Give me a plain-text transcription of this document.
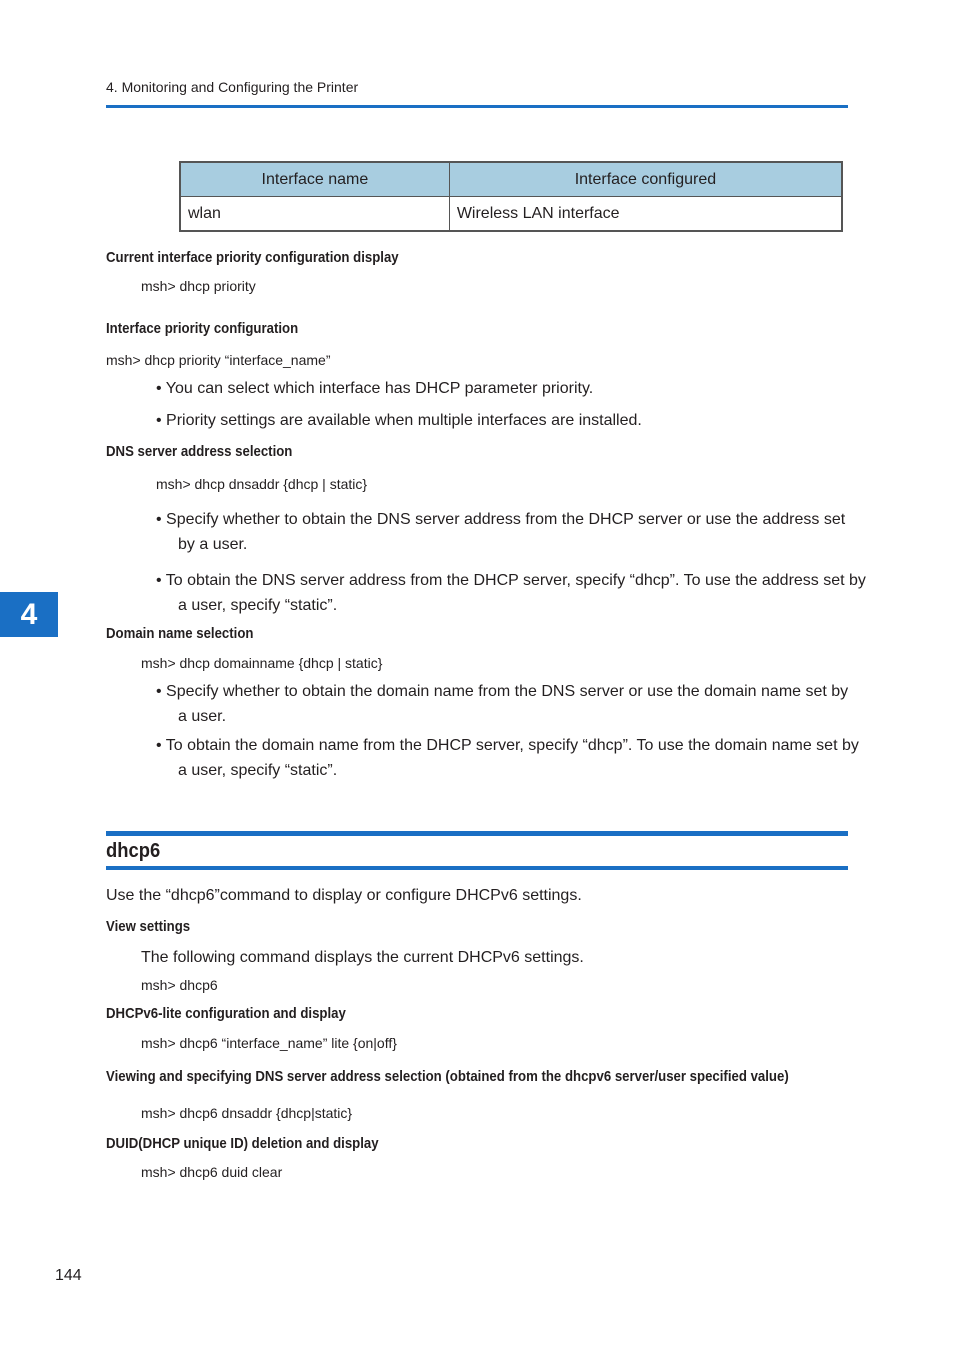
4. Monitoring and Configuring the Printer
Interface name	Interface configured
wlan	Wireless LAN interface
Current interface priority configuration display
msh> dhcp priority
Interface priority configuration
msh> dhcp priority “interface_name”
• You can select which interface has DHCP parameter priority.
• Priority settings are available when multiple interfaces are installed.
DNS server address selection
msh> dhcp dnsaddr {dhcp | static}
• Specify whether to obtain the DNS server address from the DHCP server or use the address set by a user.
• To obtain the DNS server address from the DHCP server, specify “dhcp”. To use the address set by a user, specify “static”.
4
Domain name selection
msh> dhcp domainname {dhcp | static}
• Specify whether to obtain the domain name from the DNS server or use the domain name set by a user.
• To obtain the domain name from the DHCP server, specify “dhcp”. To use the domain name set by a user, specify “static”.
dhcp6
Use the “dhcp6”command to display or configure DHCPv6 settings.
View settings
The following command displays the current DHCPv6 settings.
msh> dhcp6
DHCPv6-lite configuration and display
msh> dhcp6 “interface_name” lite {on|off}
Viewing and specifying DNS server address selection (obtained from the dhcpv6 server/user specified value)
msh> dhcp6 dnsaddr {dhcp|static}
DUID(DHCP unique ID) deletion and display
msh> dhcp6 duid clear
144
